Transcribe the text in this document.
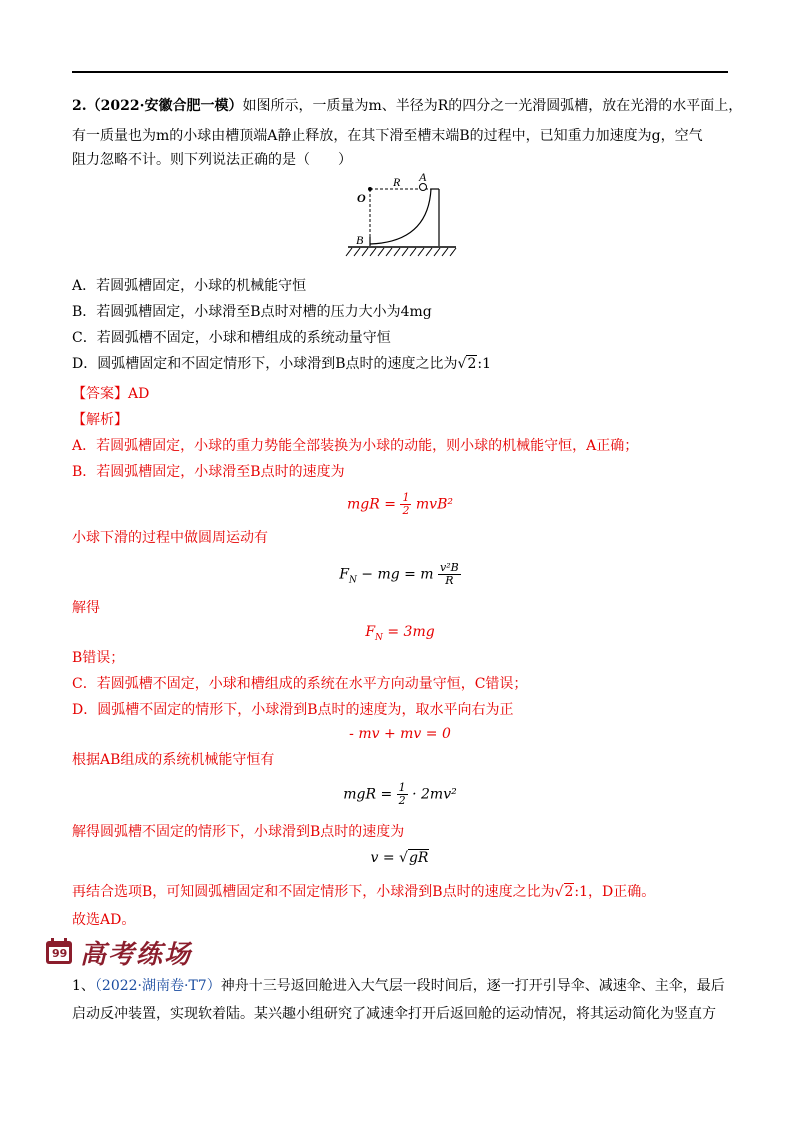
2.（2022·安徽合肥一模）如图所示，一质量为m、半径为R的四分之一光滑圆弧槽，放在光滑的水平面上，
有一质量也为m的小球由槽顶端A静止释放，在其下滑至槽末端B的过程中，已知重力加速度为g，空气
阻力忽略不计。则下列说法正确的是（　　）
O
R A
B
A．若圆弧槽固定，小球的机械能守恒
B．若圆弧槽固定，小球滑至B点时对槽的压力大小为4mg
C．若圆弧槽不固定，小球和槽组成的系统动量守恒
D．圆弧槽固定和不固定情形下，小球滑到B点时的速度之比为√2:1
【答案】AD
【解析】
A．若圆弧槽固定，小球的重力势能全部装换为小球的动能，则小球的机械能守恒，A正确；
B．若圆弧槽固定，小球滑至B点时的速度为
mgR = $\frac{1}{2} mvB^2$
小球下滑的过程中做圆周运动有
$F_N$ − mg = m $\frac{\text{v²B}}{R}$
解得
$F_N = 3mg$
B错误；
C．若圆弧槽不固定，小球和槽组成的系统在水平方向动量守恒，C错误；
D．圆弧槽不固定的情形下，小球滑到B点时的速度为，取水平向右为正
- mv + mv = 0
根据AB组成的系统机械能守恒有
mgR = $\frac{1}{2} \cdot 2mv^2$
解得圆弧槽不固定的情形下，小球滑到B点时的速度为
v = √gR
再结合选项B，可知圆弧槽固定和不固定情形下，小球滑到B点时的速度之比为√2:1，D正确。
故选AD。
99 高考练场
1、（2022·湖南卷·T7）神舟十三号返回舱进入大气层一段时间后，逐一打开引导伞、减速伞、主伞，最后
启动反冲装置，实现软着陆。某兴趣小组研究了减速伞打开后返回舱的运动情况，将其运动简化为竖直方
